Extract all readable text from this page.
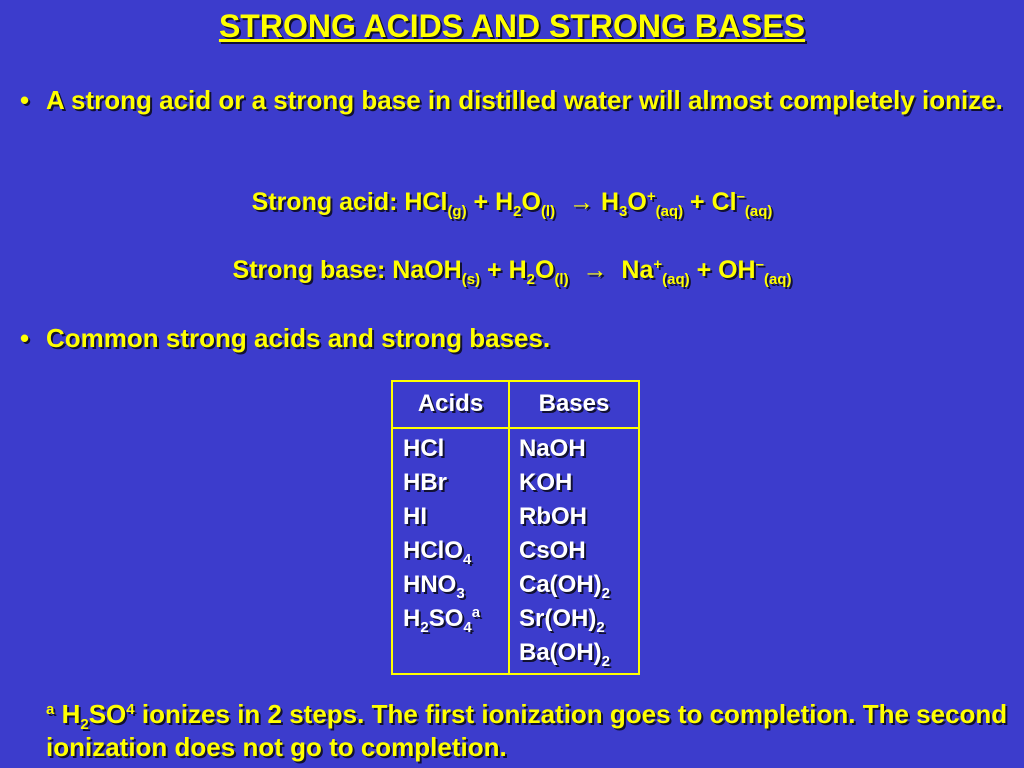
STRONG ACIDS AND STRONG BASES
• A strong acid or a strong base in distilled water will almost completely ionize.
Strong acid: $HCl_{(g)} + H_2O_{(l)} \to H_3O^+_{(aq)} + Cl^-_{(aq)}$
Strong base: NaOH$_{(s)}$ + $H_2O_{(l)} \to Na^+_{(aq)} + OH^-_{(aq)}$
• Common strong acids and strong bases.
Acids	Bases
HCl
HBr
HI
HClO$_4$
$HNO_3$
$H_2SO_4^a$
NaOH
KOH
RbOH
CsOH
$Ca(OH)_2$
$Sr(OH)_2$
$Ba(OH)_2$
$^a$ $H_2SO^4$ ionizes in 2 steps. The first ionization goes to completion. The second ionization does not go to completion.
